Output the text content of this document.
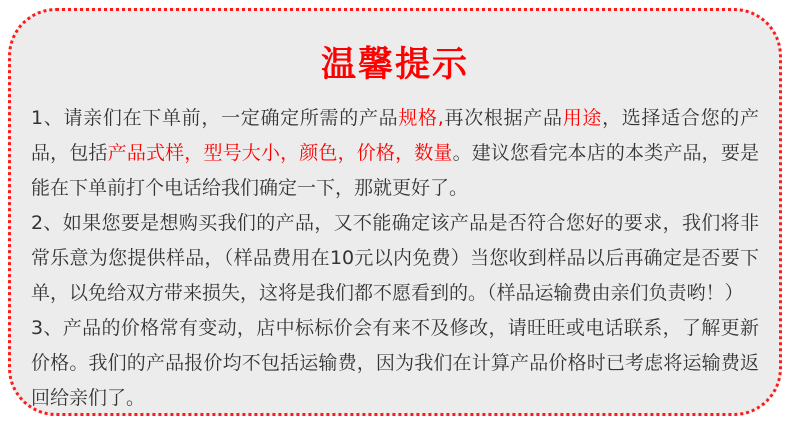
温馨提示

1、请亲们在下单前，一定确定所需的产品规格,再次根据产品用途，选择适合您的产品，包括产品式样，型号大小，颜色，价格，数量。建议您看完本店的本类产品，要是能在下单前打个电话给我们确定一下，那就更好了。

2、如果您要是想购买我们的产品，又不能确定该产品是否符合您好的要求，我们将非常乐意为您提供样品，（样品费用在10元以内免费）当您收到样品以后再确定是否要下单，以免给双方带来损失，这将是我们都不愿看到的。（样品运输费由亲们负责哟！）

3、产品的价格常有变动，店中标标价会有来不及修改，请旺旺或电话联系，了解更新价格。我们的产品报价均不包括运输费，因为我们在计算产品价格时已考虑将运输费返回给亲们了。
